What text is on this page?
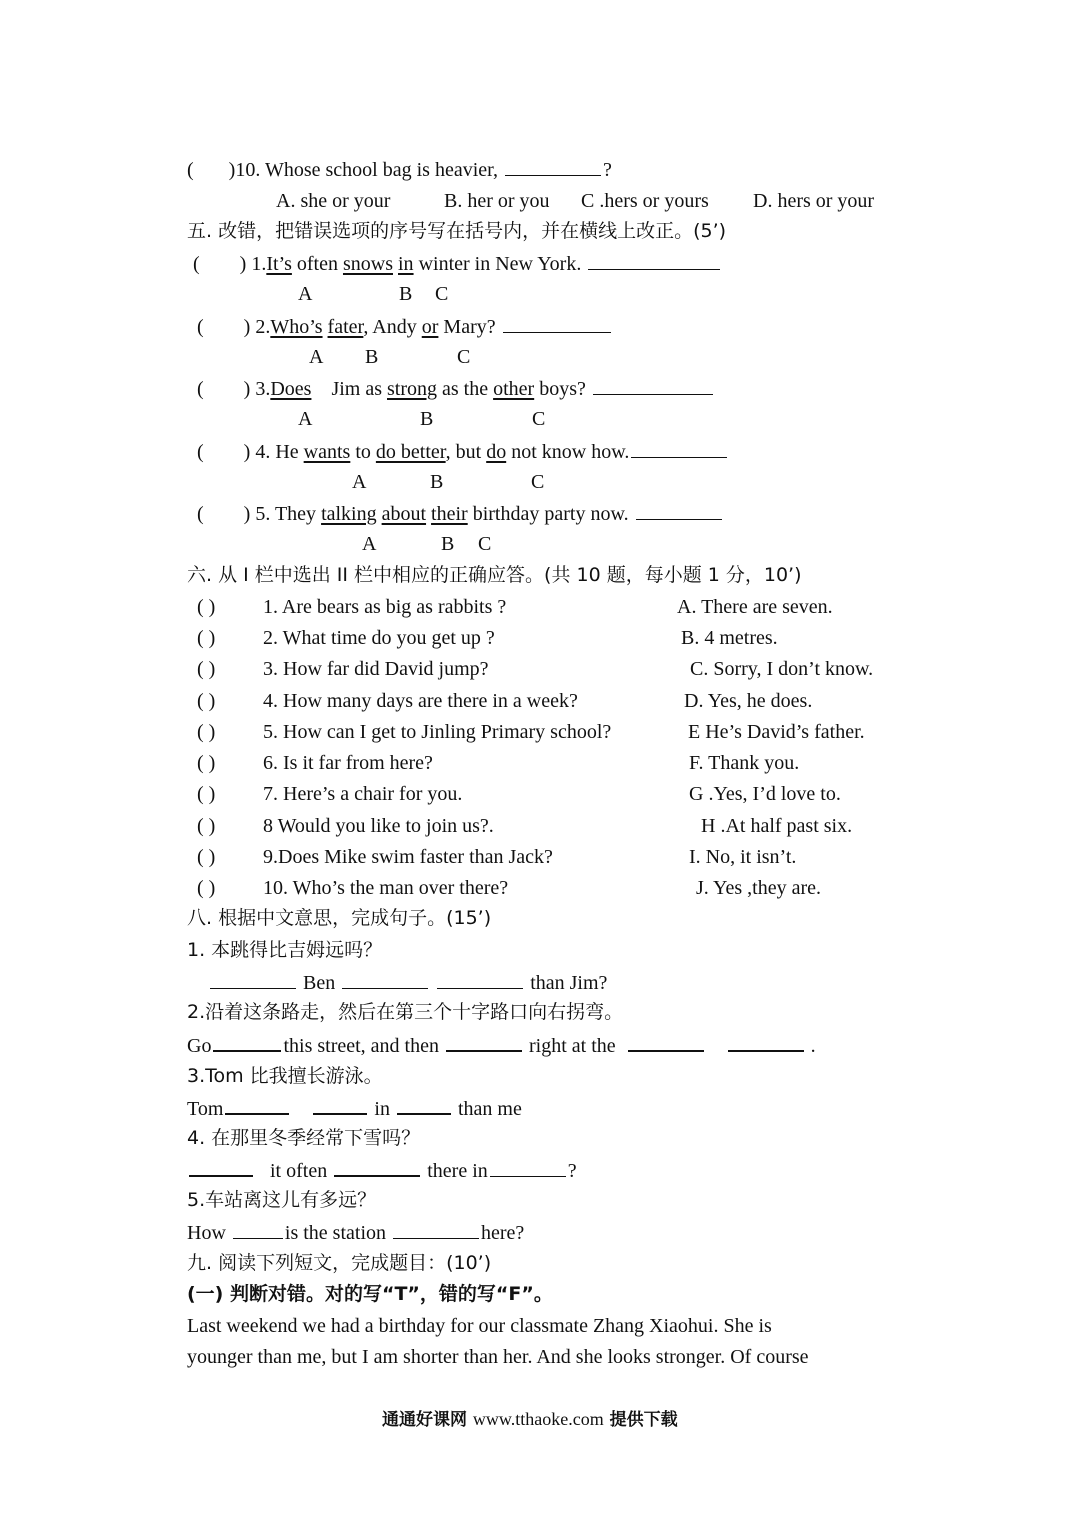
(       )10. Whose school bag is heavier,	?
A. she or your	B. her or you C .hers or yours D. hers or your
五. 改错，把错误选项的序号写在括号内，并在横线上改正。(5’)
(        ) 1.It’s often snows in winter in New York.
A	B C
(        ) 2.Who’s fater, Andy or Mary?
A B	C
(        ) 3.Does    Jim as strong as the other boys?
A	B	C
(        ) 4. He wants to do better, but do not know how.
A	B	C
(        ) 5. They talking about their birthday party now.
A	B C
六. 从 I 栏中选出 II 栏中相应的正确应答。(共 10 题，每小题 1 分，10’)
( ) 1. Are bears as big as rabbits ?	A. There are seven.
( ) 2. What time do you get up ?	B. 4 metres.
( ) 3. How far did David jump?	C. Sorry, I don’t know.
( ) 4. How many days are there in a week?	D. Yes, he does.
( ) 5. How can I get to Jinling Primary school?	E He’s David’s father.
( ) 6. Is it far from here?	F. Thank you.
( ) 7. Here’s a chair for you.	G .Yes, I’d love to.
( ) 8 Would you like to join us?.	H .At half past six.
( ) 9.Does Mike swim faster than Jack?	I. No, it isn’t.
( ) 10. Who’s the man over there?	J. Yes ,they are.
八. 根据中文意思，完成句子。(15’)
1. 本跳得比吉姆远吗？
Ben	than Jim?
2.沿着这条路走，然后在第三个十字路口向右拐弯。
Go	this street, and then	right at the	.
3.Tom 比我擅长游泳。
Tom	in	than me
4. 在那里冬季经常下雪吗？
it often	there in	?
5.车站离这儿有多远？
How	is the station	here?
九. 阅读下列短文，完成题目：(10’)
(一) 判断对错。对的写“T”，错的写“F”。
Last weekend we had a birthday for our classmate Zhang Xiaohui. She is
younger than me, but I am shorter than her. And she looks stronger. Of course
通通好课网 www.tthaoke.com 提供下载
